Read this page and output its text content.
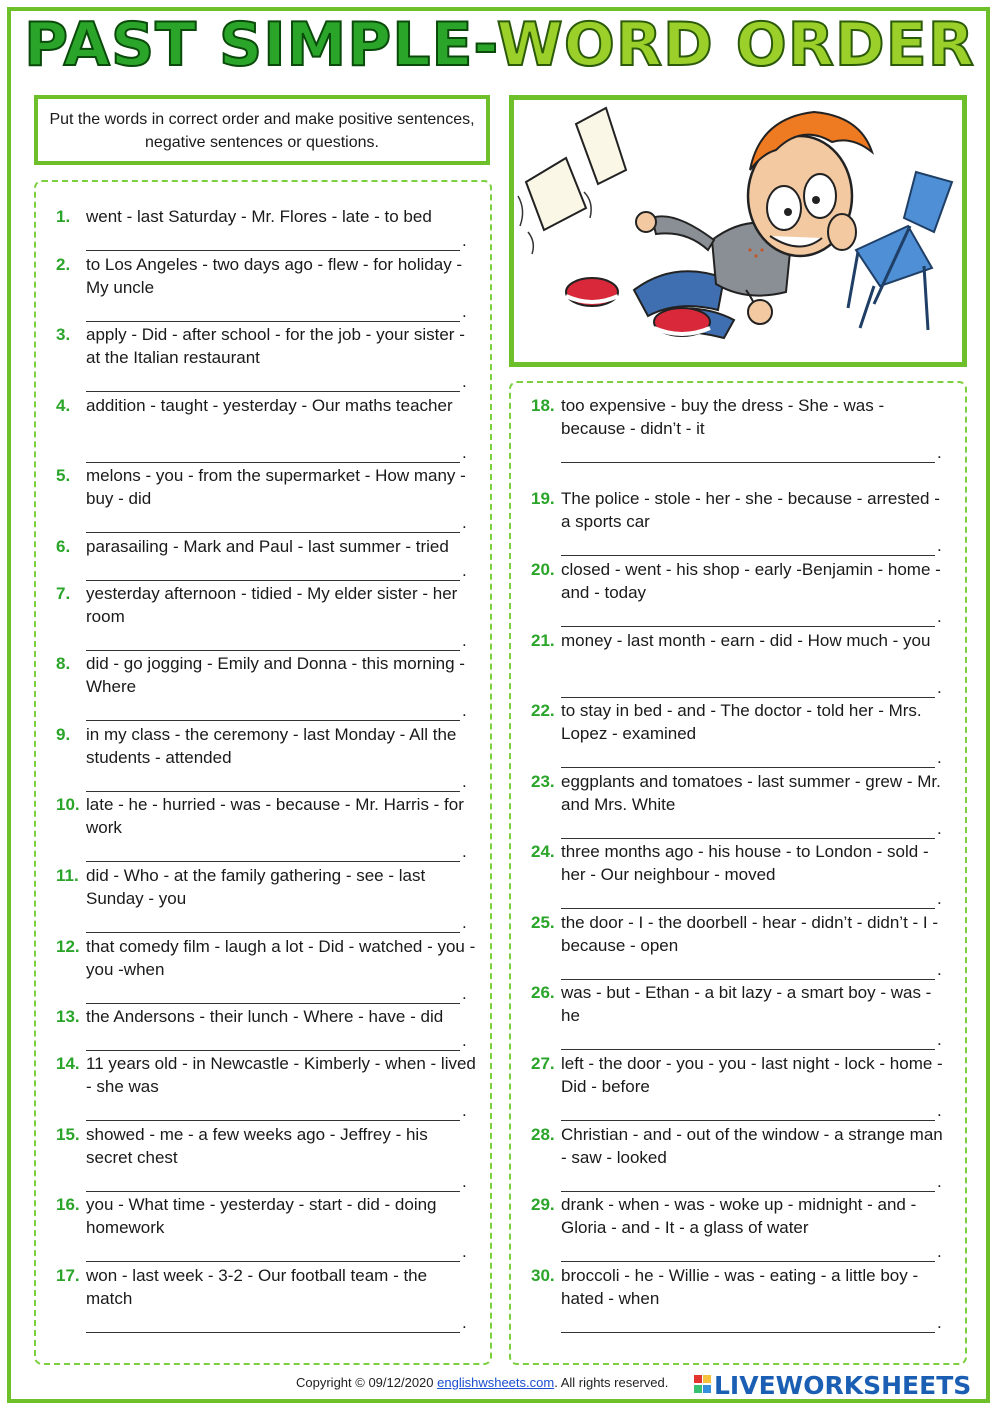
PAST SIMPLE-WORD ORDER
Put the words in correct order and make positive sentences, negative sentences or questions.
1. went - last Saturday - Mr. Flores - late - to bed
.
2. to Los Angeles - two days ago - flew - for holiday - My uncle
.
3. apply - Did - after school - for the job - your sister -at the Italian restaurant
.
4. addition - taught - yesterday - Our maths teacher
.
5. melons - you - from the supermarket - How many - buy - did
.
6. parasailing - Mark and Paul - last summer - tried
.
7. yesterday afternoon - tidied - My elder sister - her room
.
8. did - go jogging - Emily and Donna - this morning - Where
.
9. in my class - the ceremony - last Monday - All the students - attended
.
10. late - he - hurried - was - because - Mr. Harris - for work
.
11. did - Who - at the family gathering - see - last Sunday - you
.
12. that comedy film - laugh a lot - Did - watched - you - you -when
.
13. the Andersons - their lunch - Where - have - did
.
14. 11 years old - in Newcastle - Kimberly - when - lived - she was
.
15. showed - me - a few weeks ago - Jeffrey - his secret chest
.
16. you - What time - yesterday - start - did - doing homework
.
17. won - last week - 3-2 - Our football team - the match
.
18. too expensive - buy the dress - She - was - because - didn’t - it
.
19. The police - stole - her - she - because - arrested - a sports car
.
20. closed - went - his shop - early -Benjamin - home - and - today
.
21. money - last month - earn - did - How much - you
.
22. to stay in bed - and - The doctor - told her - Mrs. Lopez - examined
.
23. eggplants and tomatoes - last summer - grew - Mr. and Mrs. White
.
24. three months ago - his house - to London - sold - her - Our neighbour - moved
.
25. the door - I - the doorbell - hear - didn’t - didn’t - I - because - open
.
26. was - but - Ethan - a bit lazy - a smart boy - was - he
.
27. left - the door - you - you - last night - lock - home - Did - before
.
28. Christian - and - out of the window - a strange man - saw - looked
.
29. drank - when - was - woke up - midnight - and - Gloria - and - It - a glass of water
.
30. broccoli - he - Willie - was - eating - a little boy - hated - when
.
Copyright © 09/12/2020 englishwsheets.com. All rights reserved.	LIVEWORKSHEETS
